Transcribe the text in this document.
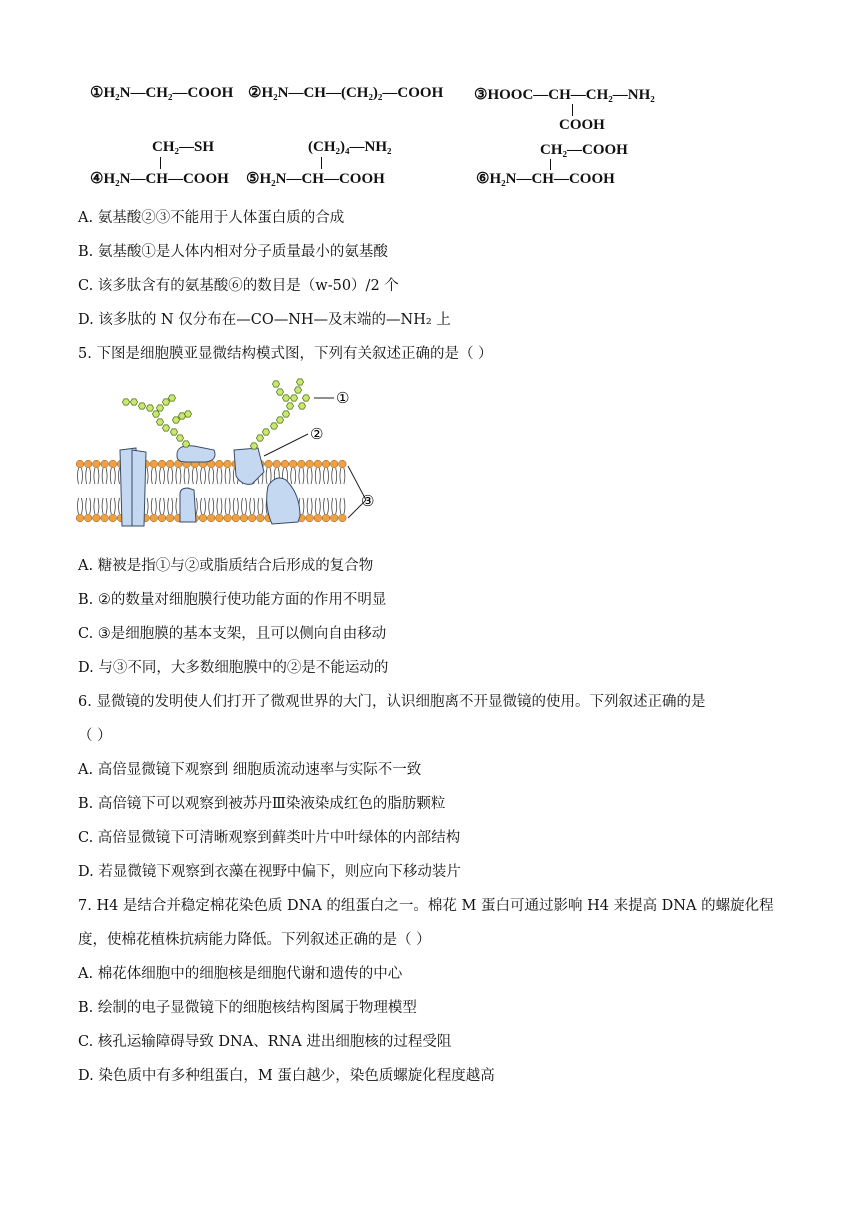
①H₂N—CH₂—COOH ②H₂N—CH—(CH₂)₂—COOH ③HOOC—CH—CH₂—NH₂
COOH
CH₂—SH
④H₂N—CH—COOH
(CH₂)₄—NH₂
⑤H₂N—CH—COOH
CH₂—COOH
⑥H₂N—CH—COOH
A. 氨基酸②③不能用于人体蛋白质的合成
B. 氨基酸①是人体内相对分子质量最小的氨基酸
C. 该多肽含有的氨基酸⑥的数目是（w-50）/2 个
D. 该多肽的 N 仅分布在—CO—NH—及末端的—NH₂ 上
5. 下图是细胞膜亚显微结构模式图，下列有关叙述正确的是（ ）
①
②
③
A. 糖被是指①与②或脂质结合后形成的复合物
B. ②的数量对细胞膜行使功能方面的作用不明显
C. ③是细胞膜的基本支架，且可以侧向自由移动
D. 与③不同，大多数细胞膜中的②是不能运动的
6. 显微镜的发明使人们打开了微观世界的大门，认识细胞离不开显微镜的使用。下列叙述正确的是
（ ）
A. 高倍显微镜下观察到 细胞质流动速率与实际不一致
B. 高倍镜下可以观察到被苏丹Ⅲ染液染成红色的脂肪颗粒
C. 高倍显微镜下可清晰观察到藓类叶片中叶绿体的内部结构
D. 若显微镜下观察到衣藻在视野中偏下，则应向下移动装片
7. H4 是结合并稳定棉花染色质 DNA 的组蛋白之一。棉花 M 蛋白可通过影响 H4 来提高 DNA 的螺旋化程
度，使棉花植株抗病能力降低。下列叙述正确的是（ ）
A. 棉花体细胞中的细胞核是细胞代谢和遗传的中心
B. 绘制的电子显微镜下的细胞核结构图属于物理模型
C. 核孔运输障碍导致 DNA、RNA 进出细胞核的过程受阻
D. 染色质中有多种组蛋白，M 蛋白越少，染色质螺旋化程度越高
